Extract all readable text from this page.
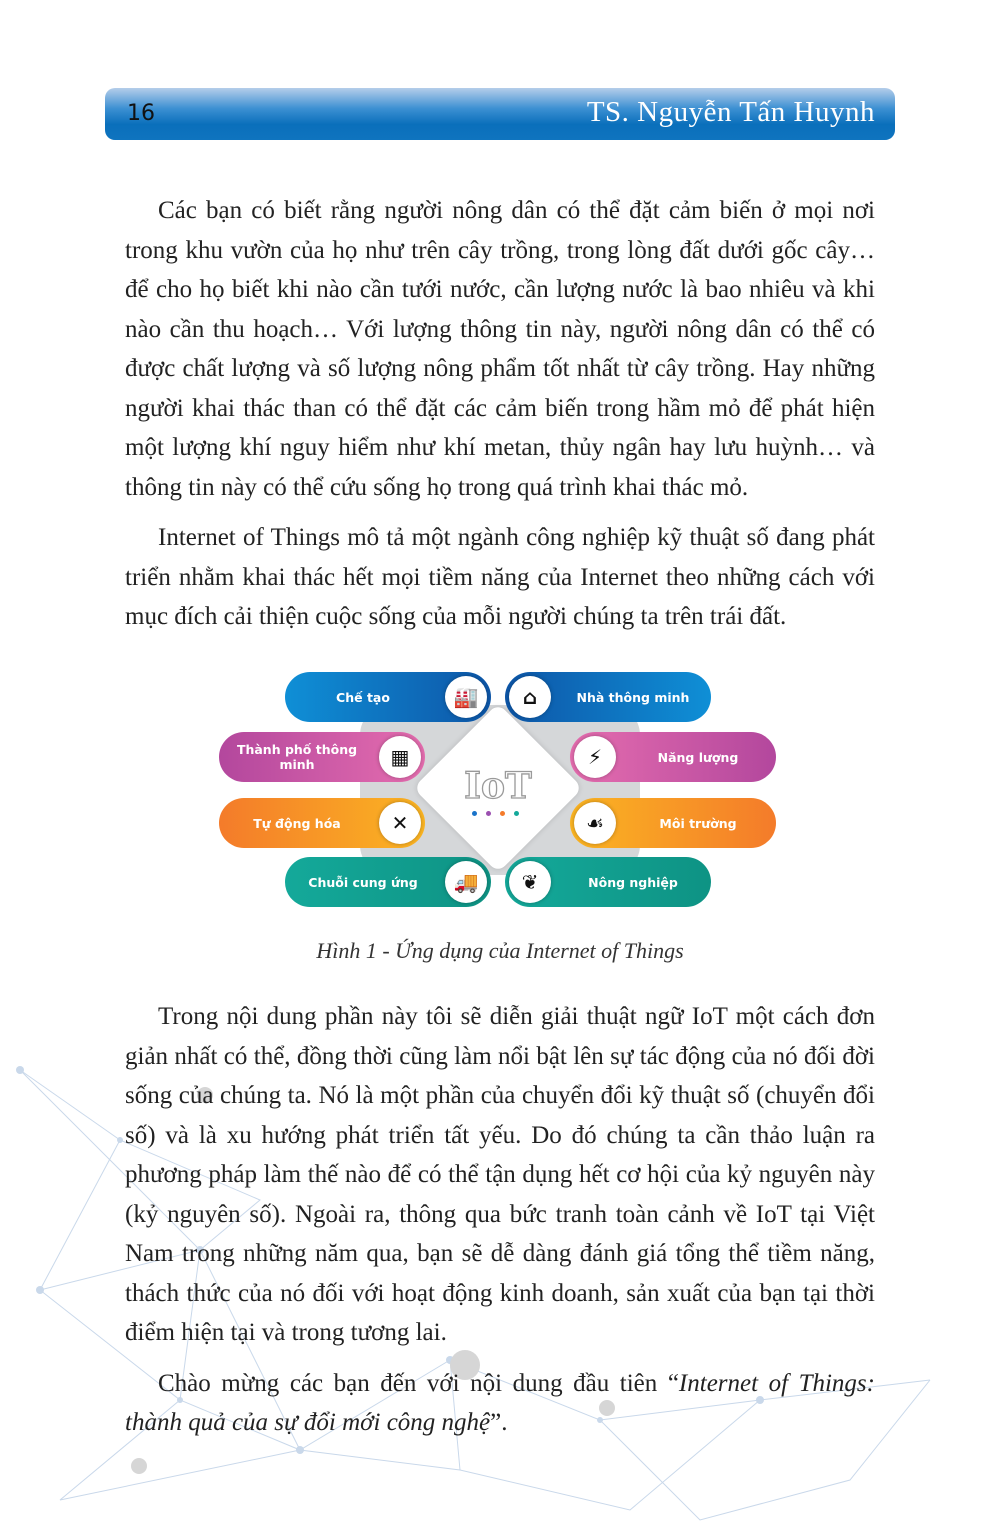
16	TS. Nguyễn Tấn Huynh

Các bạn có biết rằng người nông dân có thể đặt cảm biến ở mọi nơi trong khu vườn của họ như trên cây trồng, trong lòng đất dưới gốc cây… để cho họ biết khi nào cần tưới nước, cần lượng nước là bao nhiêu và khi nào cần thu hoạch… Với lượng thông tin này, người nông dân có thể có được chất lượng và số lượng nông phẩm tốt nhất từ cây trồng. Hay những người khai thác than có thể đặt các cảm biến trong hầm mỏ để phát hiện một lượng khí nguy hiểm như khí metan, thủy ngân hay lưu huỳnh… và thông tin này có thể cứu sống họ trong quá trình khai thác mỏ.

Internet of Things mô tả một ngành công nghiệp kỹ thuật số đang phát triển nhằm khai thác hết mọi tiềm năng của Internet theo những cách với mục đích cải thiện cuộc sống của mỗi người chúng ta trên trái đất.

Chế tạo	🏭	⌂	Nhà thông minh
Thành phố thông minh	▦	⚡	Năng lượng
Tự động hóa	✕	☙	Môi trường
Chuỗi cung ứng	🚚	❦	Nông nghiệp
IoT
Hình 1 - Ứng dụng của Internet of Things

Trong nội dung phần này tôi sẽ diễn giải thuật ngữ IoT một cách đơn giản nhất có thể, đồng thời cũng làm nổi bật lên sự tác động của nó đối đời sống của chúng ta. Nó là một phần của chuyển đổi kỹ thuật số (chuyển đổi số) và là xu hướng phát triển tất yếu. Do đó chúng ta cần thảo luận ra phương pháp làm thế nào để có thể tận dụng hết cơ hội của kỷ nguyên này (kỷ nguyên số). Ngoài ra, thông qua bức tranh toàn cảnh về IoT tại Việt Nam trong những năm qua, bạn sẽ dễ dàng đánh giá tổng thể tiềm năng, thách thức của nó đối với hoạt động kinh doanh, sản xuất của bạn tại thời điểm hiện tại và trong tương lai.

Chào mừng các bạn đến với nội dung đầu tiên “Internet of Things: thành quả của sự đổi mới công nghệ”.
